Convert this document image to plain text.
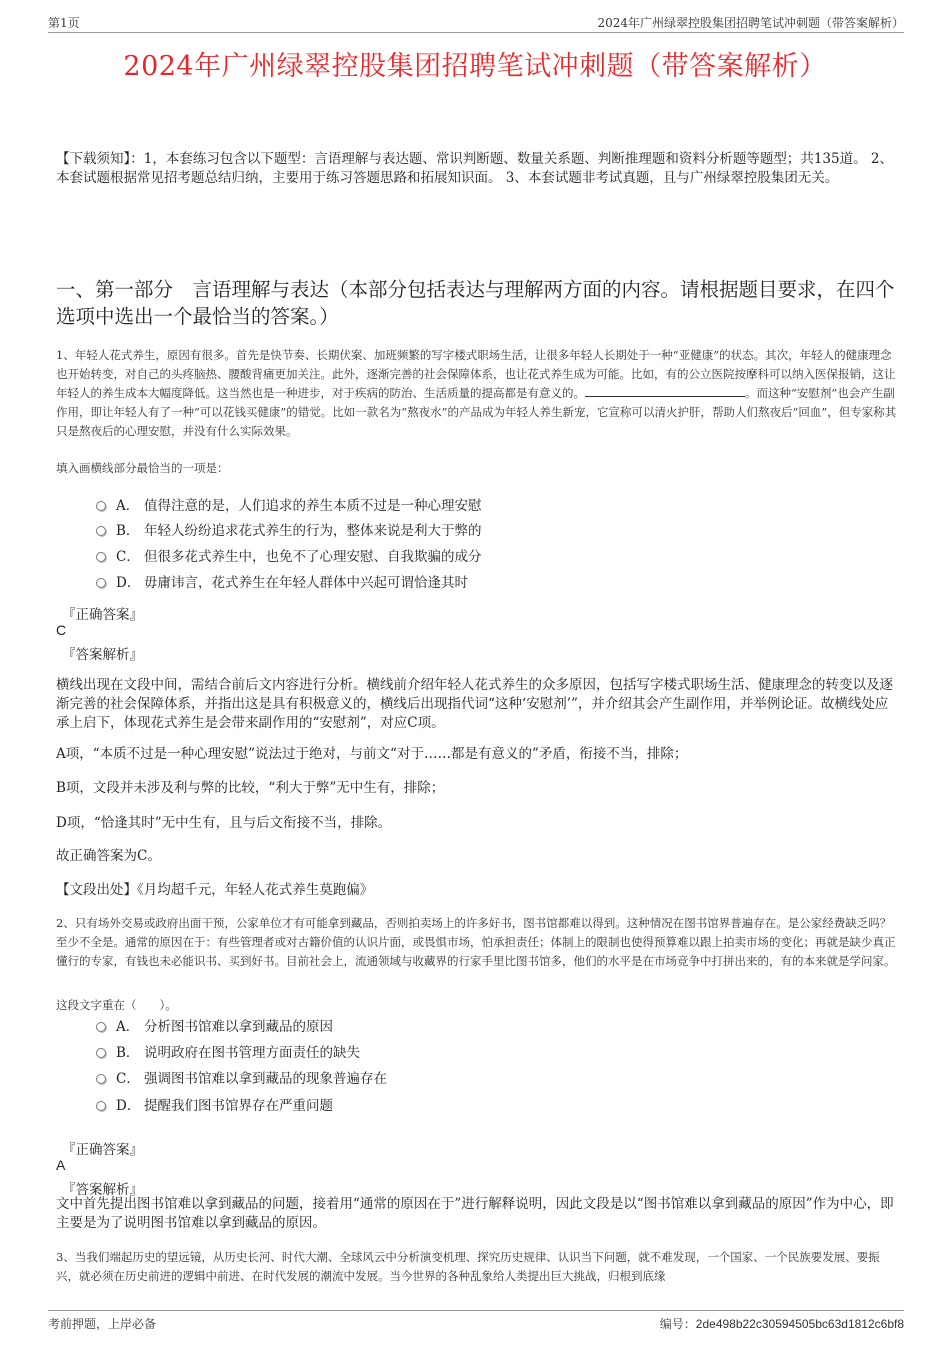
第1页	2024年广州绿翠控股集团招聘笔试冲刺题（带答案解析）
2024年广州绿翠控股集团招聘笔试冲刺题（带答案解析）
【下载须知】：1，本套练习包含以下题型：言语理解与表达题、常识判断题、数量关系题、判断推理题和资料分析题等题型；共135道。 2、本套试题根据常见招考题总结归纳，主要用于练习答题思路和拓展知识面。 3、本套试题非考试真题，且与广州绿翠控股集团无关。
一、第一部分　言语理解与表达（本部分包括表达与理解两方面的内容。请根据题目要求，在四个选项中选出一个最恰当的答案。）
1、年轻人花式养生，原因有很多。首先是快节奏、长期伏案、加班频繁的写字楼式职场生活，让很多年轻人长期处于一种“亚健康”的状态。其次，年轻人的健康理念也开始转变，对自己的头疼脑热、腰酸背痛更加关注。此外，逐渐完善的社会保障体系，也让花式养生成为可能。比如，有的公立医院按摩科可以纳入医保报销，这让年轻人的养生成本大幅度降低。这当然也是一种进步，对于疾病的防治、生活质量的提高都是有意义的。	。而这种“安慰剂”也会产生副作用，即让年轻人有了一种“可以花钱买健康”的错觉。比如一款名为“熬夜水”的产品成为年轻人养生新宠，它宣称可以清火护肝，帮助人们熬夜后“回血”，但专家称其只是熬夜后的心理安慰，并没有什么实际效果。
填入画横线部分最恰当的一项是：
A． 值得注意的是，人们追求的养生本质不过是一种心理安慰
B． 年轻人纷纷追求花式养生的行为，整体来说是利大于弊的
C． 但很多花式养生中，也免不了心理安慰、自我欺骗的成分
D． 毋庸讳言，花式养生在年轻人群体中兴起可谓恰逢其时
『正确答案』
C
『答案解析』
横线出现在文段中间，需结合前后文内容进行分析。横线前介绍年轻人花式养生的众多原因，包括写字楼式职场生活、健康理念的转变以及逐渐完善的社会保障体系，并指出这是具有积极意义的，横线后出现指代词“这种‘安慰剂’”，并介绍其会产生副作用，并举例论证。故横线处应承上启下，体现花式养生是会带来副作用的“安慰剂”，对应C项。
A项，“本质不过是一种心理安慰”说法过于绝对，与前文“对于……都是有意义的”矛盾，衔接不当，排除；
B项，文段并未涉及利与弊的比较，“利大于弊”无中生有，排除；
D项，“恰逢其时”无中生有，且与后文衔接不当，排除。
故正确答案为C。
【文段出处】《月均超千元，年轻人花式养生莫跑偏》
2、只有场外交易或政府出面干预，公家单位才有可能拿到藏品，否则拍卖场上的许多好书，图书馆都难以得到。这种情况在图书馆界普遍存在。是公家经费缺乏吗？至少不全是。通常的原因在于：有些管理者或对古籍价值的认识片面，或畏惧市场，怕承担责任；体制上的限制也使得预算难以跟上拍卖市场的变化；再就是缺少真正懂行的专家，有钱也未必能识书、买到好书。目前社会上，流通领域与收藏界的行家手里比图书馆多，他们的水平是在市场竞争中打拼出来的，有的本来就是学问家。
这段文字重在（　　）。
A． 分析图书馆难以拿到藏品的原因
B． 说明政府在图书管理方面责任的缺失
C． 强调图书馆难以拿到藏品的现象普遍存在
D． 提醒我们图书馆界存在严重问题
『正确答案』
A
『答案解析』
文中首先提出图书馆难以拿到藏品的问题，接着用“通常的原因在于”进行解释说明，因此文段是以“图书馆难以拿到藏品的原因”作为中心，即主要是为了说明图书馆难以拿到藏品的原因。
3、当我们端起历史的望远镜，从历史长河、时代大潮、全球风云中分析演变机理、探究历史规律、认识当下问题，就不难发现，一个国家、一个民族要发展、要振兴，就必须在历史前进的逻辑中前进、在时代发展的潮流中发展。当今世界的各种乱象给人类提出巨大挑战，归根到底缘
考前押题，上岸必备	编号：2de498b22c30594505bc63d1812c6bf8
